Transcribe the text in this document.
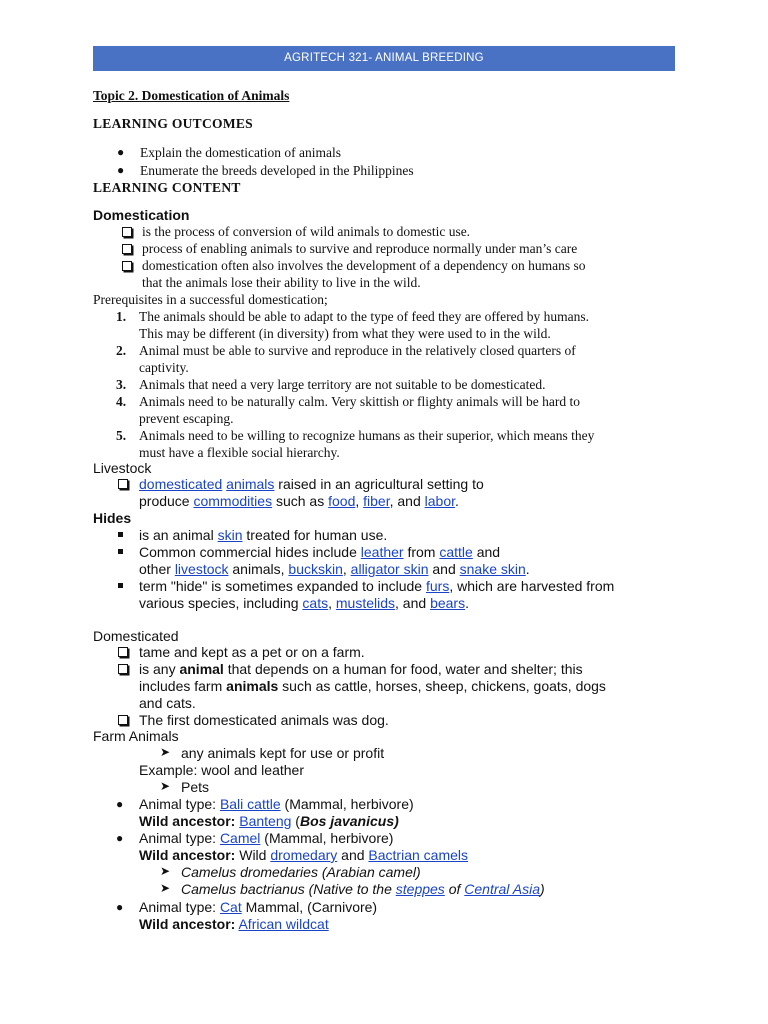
AGRITECH 321- ANIMAL BREEDING
Topic 2. Domestication of Animals
LEARNING OUTCOMES
● Explain the domestication of animals
● Enumerate the breeds developed in the Philippines
LEARNING CONTENT
Domestication
is the process of conversion of wild animals to domestic use.
process of enabling animals to survive and reproduce normally under man’s care
domestication often also involves the development of a dependency on humans so
that the animals lose their ability to live in the wild.
Prerequisites in a successful domestication;
1. The animals should be able to adapt to the type of feed they are offered by humans.
This may be different (in diversity) from what they were used to in the wild.
2. Animal must be able to survive and reproduce in the relatively closed quarters of
captivity.
3. Animals that need a very large territory are not suitable to be domesticated.
4. Animals need to be naturally calm. Very skittish or flighty animals will be hard to
prevent escaping.
5. Animals need to be willing to recognize humans as their superior, which means they
must have a flexible social hierarchy.
Livestock
domesticated animals raised in an agricultural setting to
produce commodities such as food, fiber, and labor.
Hides
is an animal skin treated for human use.
Common commercial hides include leather from cattle and
other livestock animals, buckskin, alligator skin and snake skin.
term "hide" is sometimes expanded to include furs, which are harvested from
various species, including cats, mustelids, and bears.
Domesticated
tame and kept as a pet or on a farm.
is any animal that depends on a human for food, water and shelter; this
includes farm animals such as cattle, horses, sheep, chickens, goats, dogs
and cats.
The first domesticated animals was dog.
Farm Animals
➤ any animals kept for use or profit
Example: wool and leather
➤ Pets
● Animal type: Bali cattle (Mammal, herbivore)
Wild ancestor: Banteng (Bos javanicus)
● Animal type: Camel (Mammal, herbivore)
Wild ancestor: Wild dromedary and Bactrian camels
➤ Camelus dromedaries (Arabian camel)
➤ Camelus bactrianus (Native to the steppes of Central Asia)
● Animal type: Cat Mammal, (Carnivore)
Wild ancestor: African wildcat
